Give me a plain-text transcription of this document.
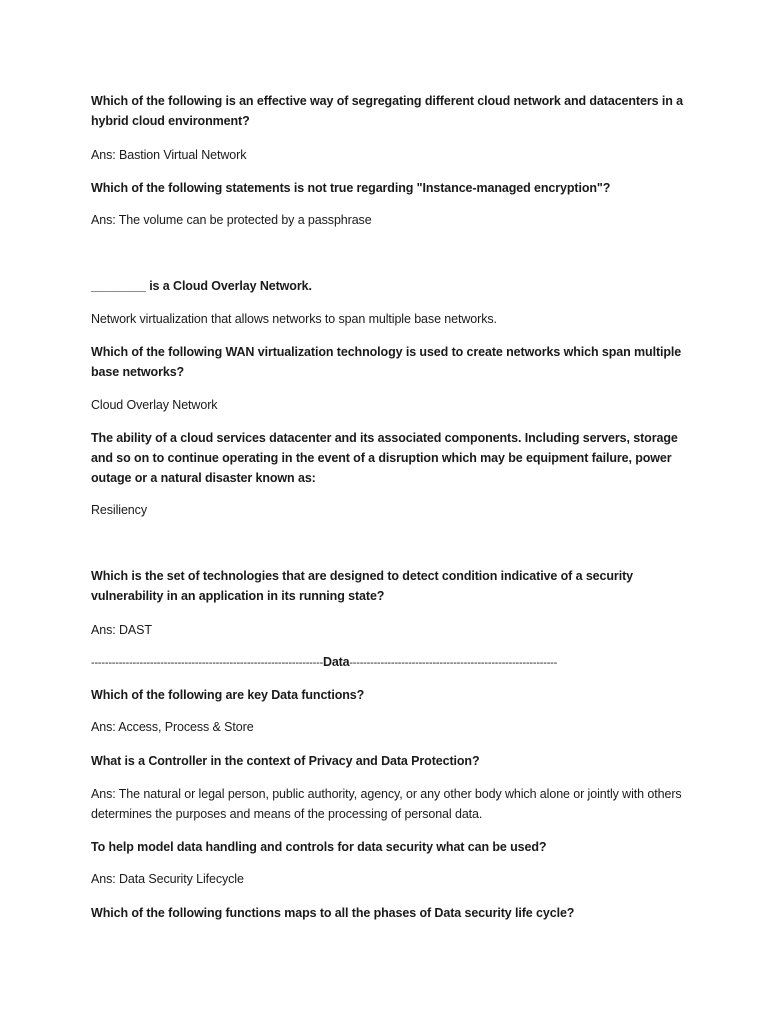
Which of the following is an effective way of segregating different cloud network and datacenters in a hybrid cloud environment?
Ans: Bastion Virtual Network
Which of the following statements is not true regarding "Instance-managed encryption"?
Ans: The volume can be protected by a passphrase
________ is a Cloud Overlay Network.
Network virtualization that allows networks to span multiple base networks.
Which of the following WAN virtualization technology is used to create networks which span multiple base networks?
Cloud Overlay Network
The ability of a cloud services datacenter and its associated components. Including servers, storage and so on to continue operating in the event of a disruption which may be equipment failure, power outage or a natural disaster known as:
Resiliency
Which is the set of technologies that are designed to detect condition indicative of a security vulnerability in an application in its running state?
Ans: DAST
-------------------------------------------------------------------Data------------------------------------------------------------
Which of the following are key Data functions?
Ans: Access, Process & Store
What is a Controller in the context of Privacy and Data Protection?
Ans: The natural or legal person, public authority, agency, or any other body which alone or jointly with others determines the purposes and means of the processing of personal data.
To help model data handling and controls for data security what can be used?
Ans: Data Security Lifecycle
Which of the following functions maps to all the phases of Data security life cycle?
